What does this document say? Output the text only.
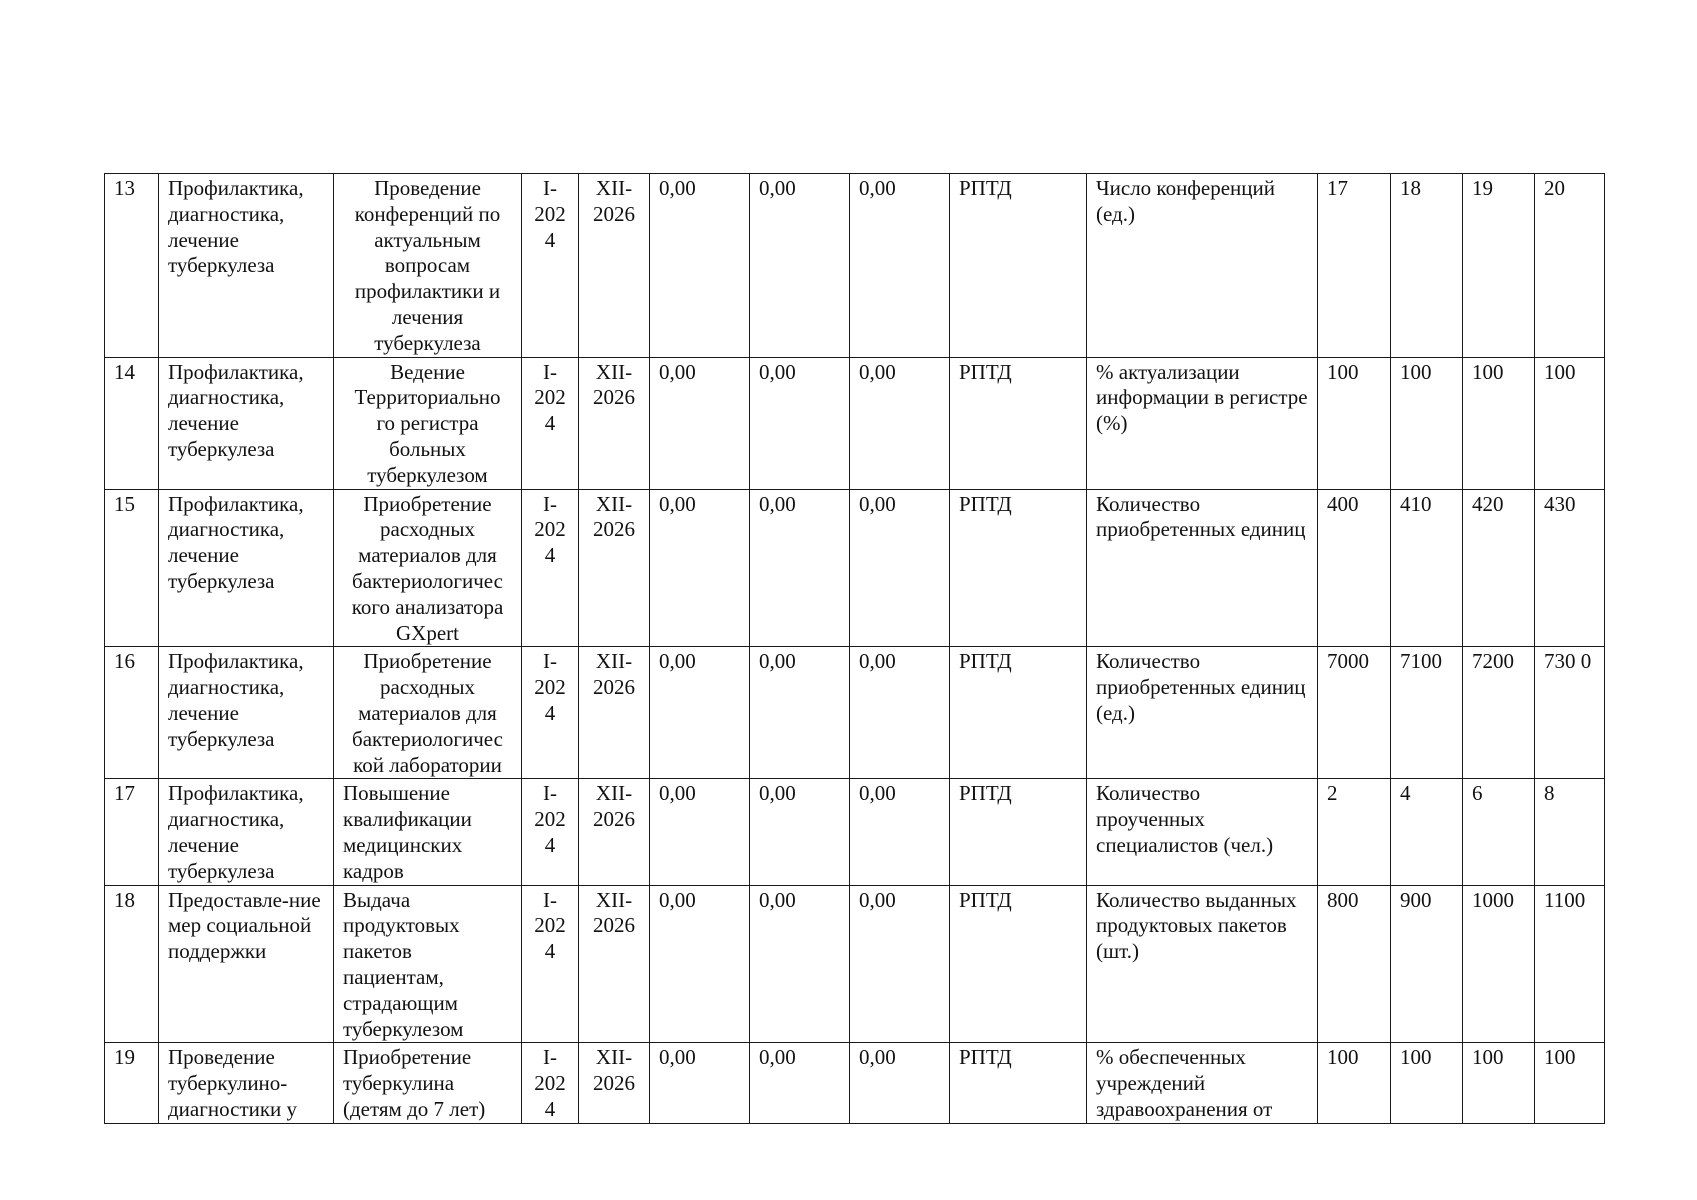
13	Профилактика, диагностика, лечение туберкулеза	Проведение конференций по актуальным вопросам профилактики и лечения туберкулеза	I-202 4	XII-2026	0,00	0,00	0,00	РПТД	Число конференций (ед.)	17	18	19	20
14	Профилактика, диагностика, лечение туберкулеза	Ведение Территориально го регистра больных туберкулезом	I-202 4	XII-2026	0,00	0,00	0,00	РПТД	% актуализации информации в регистре (%)	100	100	100	100
15	Профилактика, диагностика, лечение туберкулеза	Приобретение расходных материалов для бактериологичес кого анализатора GXpert	I-202 4	XII-2026	0,00	0,00	0,00	РПТД	Количество приобретенных единиц	400	410	420	430
16	Профилактика, диагностика, лечение туберкулеза	Приобретение расходных материалов для бактериологичес кой лаборатории	I-202 4	XII-2026	0,00	0,00	0,00	РПТД	Количество приобретенных единиц (ед.)	7000	7100	7200	730 0
17	Профилактика, диагностика, лечение туберкулеза	Повышение квалификации медицинских кадров	I-202 4	XII-2026	0,00	0,00	0,00	РПТД	Количество проученных специалистов (чел.)	2	4	6	8
18	Предоставле-ние мер социальной поддержки	Выдача продуктовых пакетов пациентам, страдающим туберкулезом	I-202 4	XII-2026	0,00	0,00	0,00	РПТД	Количество выданных продуктовых пакетов (шт.)	800	900	1000	1100
19	Проведение туберкулино-диагностики у	Приобретение туберкулина (детям до 7 лет)	I-202 4	XII-2026	0,00	0,00	0,00	РПТД	% обеспеченных учреждений здравоохранения от	100	100	100	100
